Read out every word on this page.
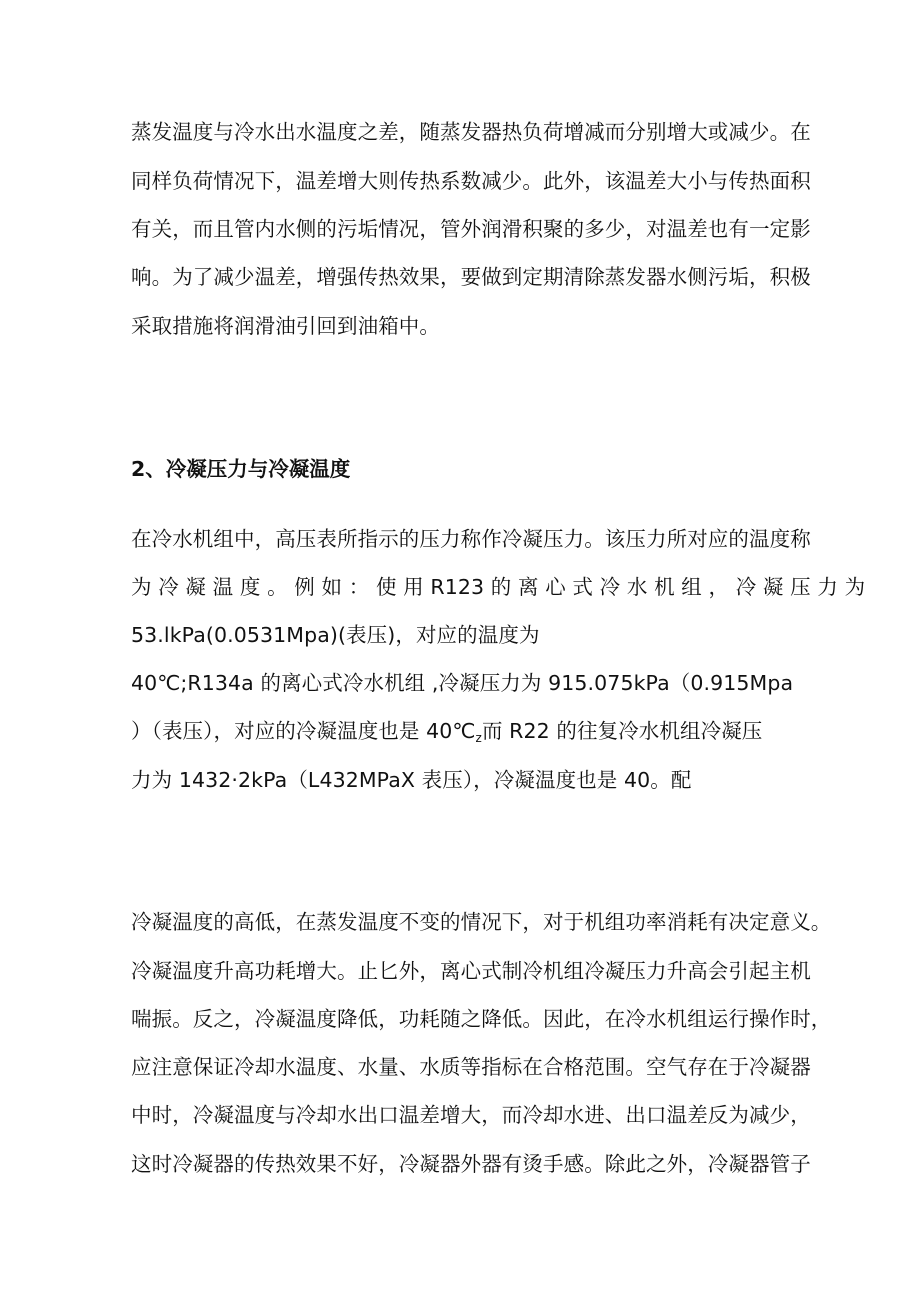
蒸发温度与冷水出水温度之差，随蒸发器热负荷增减而分别增大或减少。在
同样负荷情况下，温差增大则传热系数减少。此外，该温差大小与传热面积
有关，而且管内水侧的污垢情况，管外润滑积聚的多少，对温差也有一定影
响。为了减少温差，增强传热效果，要做到定期清除蒸发器水侧污垢，积极
采取措施将润滑油引回到油箱中。
2、冷凝压力与冷凝温度
在冷水机组中，高压表所指示的压力称作冷凝压力。该压力所对应的温度称
为 冷 凝 温 度 。 例 如 ： 使 用 R123 的 离 心 式 冷 水 机 组 ， 冷 凝 压 力 为
53.lkPa(0.0531Mpa)(表压)，对应的温度为
40℃;R134a 的离心式冷水机组 ,冷凝压力为 915.075kPa（0.915Mpa
）（表压），对应的冷凝温度也是 $40℃_z$而 R22 的往复冷水机组冷凝压
力为 1432·2kPa（L432MPaX 表压），冷凝温度也是 40。配
冷凝温度的高低，在蒸发温度不变的情况下，对于机组功率消耗有决定意义。
冷凝温度升高功耗增大。止匕外，离心式制冷机组冷凝压力升高会引起主机
喘振。反之，冷凝温度降低，功耗随之降低。因此，在冷水机组运行操作时，
应注意保证冷却水温度、水量、水质等指标在合格范围。空气存在于冷凝器
中时，冷凝温度与冷却水出口温差增大，而冷却水进、出口温差反为减少，
这时冷凝器的传热效果不好，冷凝器外器有烫手感。除此之外，冷凝器管子
